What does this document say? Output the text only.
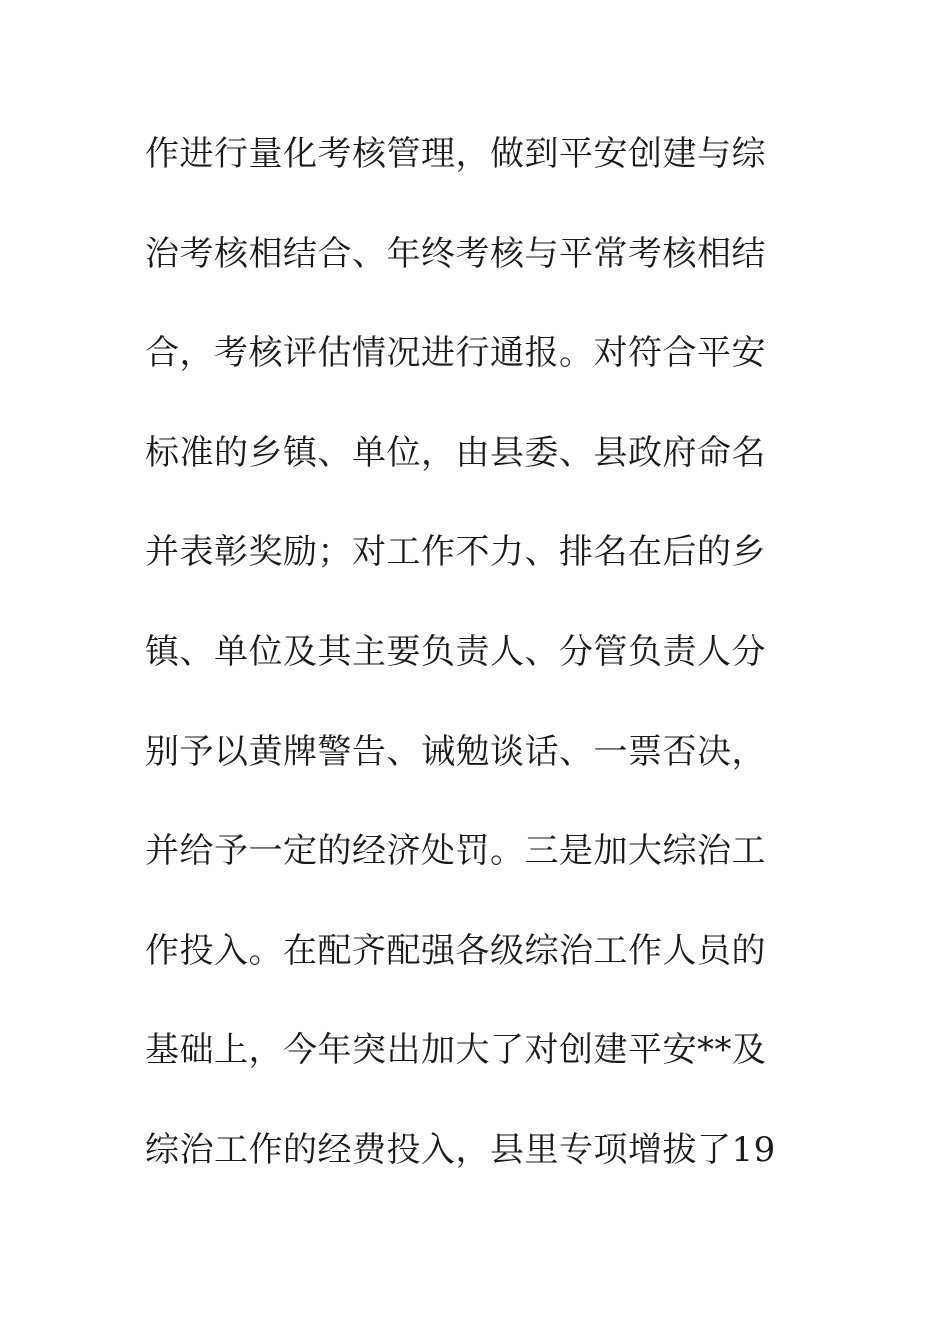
作进行量化考核管理，做到平安创建与综
治考核相结合、年终考核与平常考核相结
合，考核评估情况进行通报。对符合平安
标准的乡镇、单位，由县委、县政府命名
并表彰奖励；对工作不力、排名在后的乡
镇、单位及其主要负责人、分管负责人分
别予以黄牌警告、诫勉谈话、一票否决，
并给予一定的经济处罚。三是加大综治工
作投入。在配齐配强各级综治工作人员的
基础上，今年突出加大了对创建平安**及
综治工作的经费投入，县里专项增拔了19
